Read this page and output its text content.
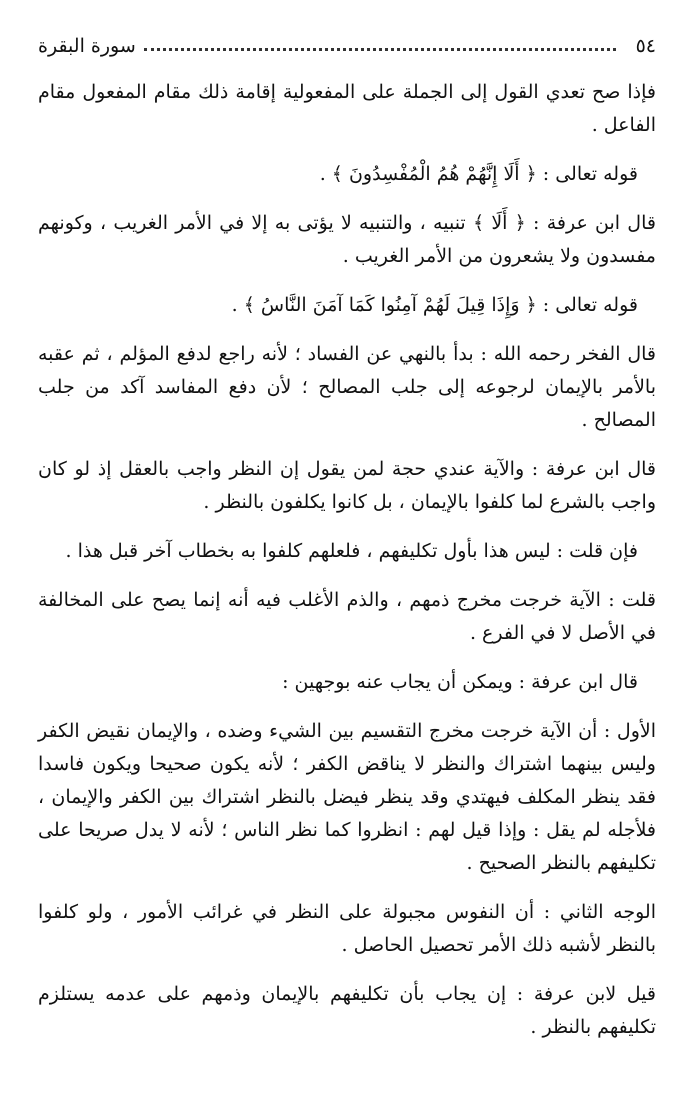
٥٤
سورة البقرة

فإذا صح تعدي القول إلى الجملة على المفعولية إقامة ذلك مقام المفعول مقام الفاعل .

قوله تعالى : ﴿ أَلَا إِنَّهُمْ هُمُ الْمُفْسِدُونَ ﴾ .

قال ابن عرفة : ﴿ أَلَا ﴾ تنبيه ، والتنبيه لا يؤتى به إلا في الأمر الغريب ، وكونهم مفسدون ولا يشعرون من الأمر الغريب .

قوله تعالى : ﴿ وَإِذَا قِيلَ لَهُمْ آمِنُوا كَمَا آمَنَ النَّاسُ ﴾ .

قال الفخر رحمه الله : بدأ بالنهي عن الفساد ؛ لأنه راجع لدفع المؤلم ، ثم عقبه بالأمر بالإيمان لرجوعه إلى جلب المصالح ؛ لأن دفع المفاسد آكد من جلب المصالح .

قال ابن عرفة : والآية عندي حجة لمن يقول إن النظر واجب بالعقل إذ لو كان واجب بالشرع لما كلفوا بالإيمان ، بل كانوا يكلفون بالنظر .

فإن قلت : ليس هذا بأول تكليفهم ، فلعلهم كلفوا به بخطاب آخر قبل هذا .

قلت : الآية خرجت مخرج ذمهم ، والذم الأغلب فيه أنه إنما يصح على المخالفة في الأصل لا في الفرع .

قال ابن عرفة : ويمكن أن يجاب عنه بوجهين :

الأول : أن الآية خرجت مخرج التقسيم بين الشيء وضده ، والإيمان نقيض الكفر وليس بينهما اشتراك والنظر لا يناقض الكفر ؛ لأنه يكون صحيحا ويكون فاسدا فقد ينظر المكلف فيهتدي وقد ينظر فيضل بالنظر اشتراك بين الكفر والإيمان ، فلأجله لم يقل : وإذا قيل لهم : انظروا كما نظر الناس ؛ لأنه لا يدل صريحا على تكليفهم بالنظر الصحيح .

الوجه الثاني : أن النفوس مجبولة على النظر في غرائب الأمور ، ولو كلفوا بالنظر لأشبه ذلك الأمر تحصيل الحاصل .

قيل لابن عرفة : إن يجاب بأن تكليفهم بالإيمان وذمهم على عدمه يستلزم تكليفهم بالنظر .
